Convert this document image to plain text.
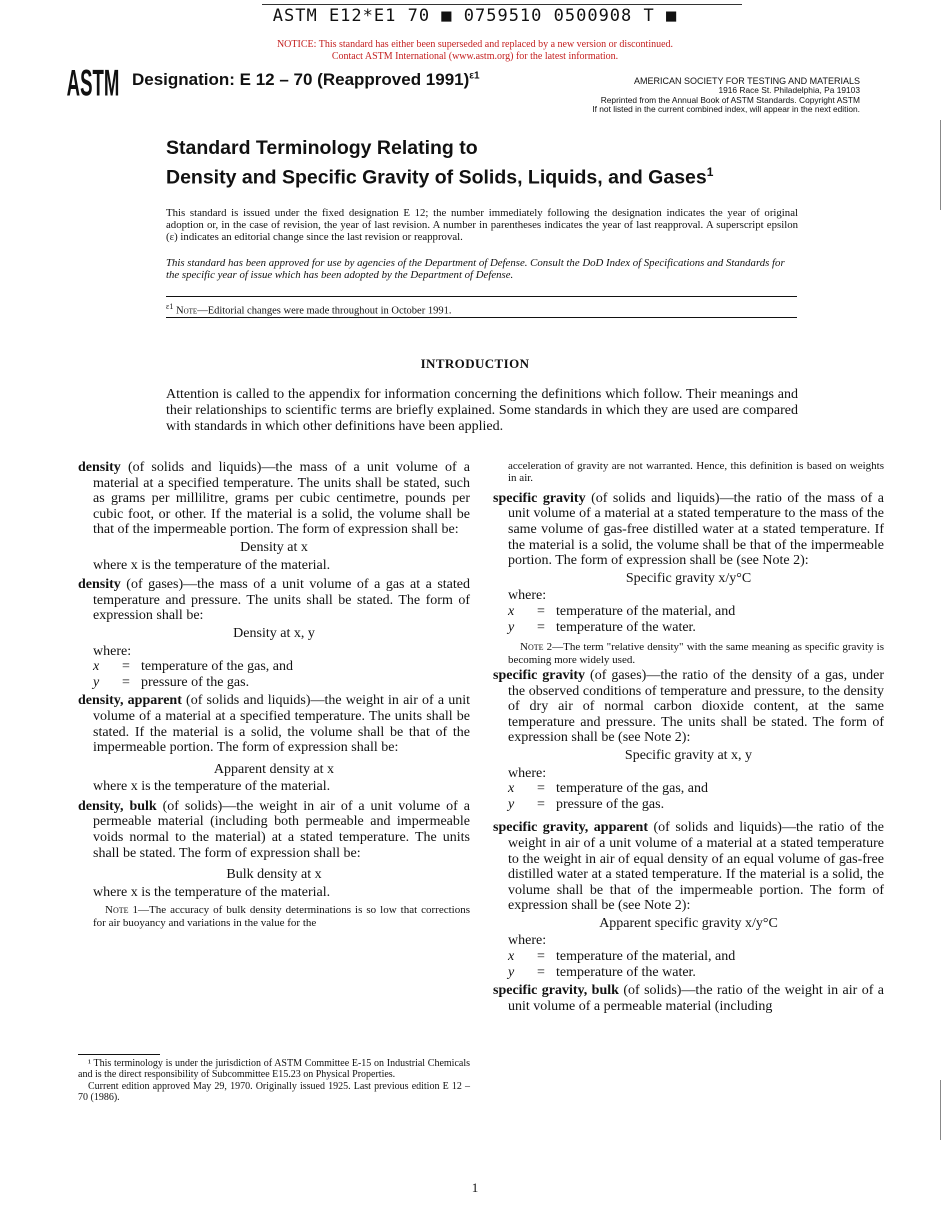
ASTM E12*E1 70 ■ 0759510 0500908 T ■
NOTICE: This standard has either been superseded and replaced by a new version or discontinued.
Contact ASTM International (www.astm.org) for the latest information.
ASTM Designation: E 12 – 70 (Reapproved 1991)$^{\varepsilon 1}$	AMERICAN SOCIETY FOR TESTING AND MATERIALS
1916 Race St. Philadelphia, Pa 19103
Reprinted from the Annual Book of ASTM Standards. Copyright ASTM
If not listed in the current combined index, will appear in the next edition.
Standard Terminology Relating to
Density and Specific Gravity of Solids, Liquids, and Gases$^1$
This standard is issued under the fixed designation E 12; the number immediately following the designation indicates the year of original adoption or, in the case of revision, the year of last revision. A number in parentheses indicates the year of last reapproval. A superscript epsilon (ε) indicates an editorial change since the last revision or reapproval.
This standard has been approved for use by agencies of the Department of Defense. Consult the DoD Index of Specifications and Standards for the specific year of issue which has been adopted by the Department of Defense.
$^{\varepsilon 1}$ Note—Editorial changes were made throughout in October 1991.
INTRODUCTION
Attention is called to the appendix for information concerning the definitions which follow. Their meanings and their relationships to scientific terms are briefly explained. Some standards in which they are used are compared with standards in which other definitions have been applied.

density (of solids and liquids)—the mass of a unit volume of a material at a specified temperature. The units shall be stated, such as grams per millilitre, grams per cubic centimetre, pounds per cubic foot, or other. If the material is a solid, the volume shall be that of the impermeable portion. The form of expression shall be:

Density at x
where x is the temperature of the material.

density (of gases)—the mass of a unit volume of a gas at a stated temperature and pressure. The units shall be stated. The form of expression shall be:

Density at x, y
where:
x = temperature of the gas, and
y = pressure of the gas.

density, apparent (of solids and liquids)—the weight in air of a unit volume of a material at a specified temperature. The units shall be stated. If the material is a solid, the volume shall be that of the impermeable portion. The form of expression shall be:

Apparent density at x
where x is the temperature of the material.

density, bulk (of solids)—the weight in air of a unit volume of a permeable material (including both permeable and impermeable voids normal to the material) at a stated temperature. The units shall be stated. The form of expression shall be:

Bulk density at x
where x is the temperature of the material.

Note 1—The accuracy of bulk density determinations is so low that corrections for air buoyancy and variations in the value for the

acceleration of gravity are not warranted. Hence, this definition is based on weights in air.

specific gravity (of solids and liquids)—the ratio of the mass of a unit volume of a material at a stated temperature to the mass of the same volume of gas-free distilled water at a stated temperature. If the material is a solid, the volume shall be that of the impermeable portion. The form of expression shall be (see Note 2):

Specific gravity x/y°C
where:
x = temperature of the material, and
y = temperature of the water.

Note 2—The term "relative density" with the same meaning as specific gravity is becoming more widely used.

specific gravity (of gases)—the ratio of the density of a gas, under the observed conditions of temperature and pressure, to the density of dry air of normal carbon dioxide content, at the same temperature and pressure. The units shall be stated. The form of expression shall be (see Note 2):

Specific gravity at x, y
where:
x = temperature of the gas, and
y = pressure of the gas.

specific gravity, apparent (of solids and liquids)—the ratio of the weight in air of a unit volume of a material at a stated temperature to the weight in air of equal density of an equal volume of gas-free distilled water at a stated temperature. If the material is a solid, the volume shall be that of the impermeable portion. The form of expression shall be (see Note 2):

Apparent specific gravity x/y°C
where:
x = temperature of the material, and
y = temperature of the water.

specific gravity, bulk (of solids)—the ratio of the weight in air of a unit volume of a permeable material (including

¹ This terminology is under the jurisdiction of ASTM Committee E-15 on Industrial Chemicals and is the direct responsibility of Subcommittee E15.23 on Physical Properties.

Current edition approved May 29, 1970. Originally issued 1925. Last previous edition E 12 – 70 (1986).

1
